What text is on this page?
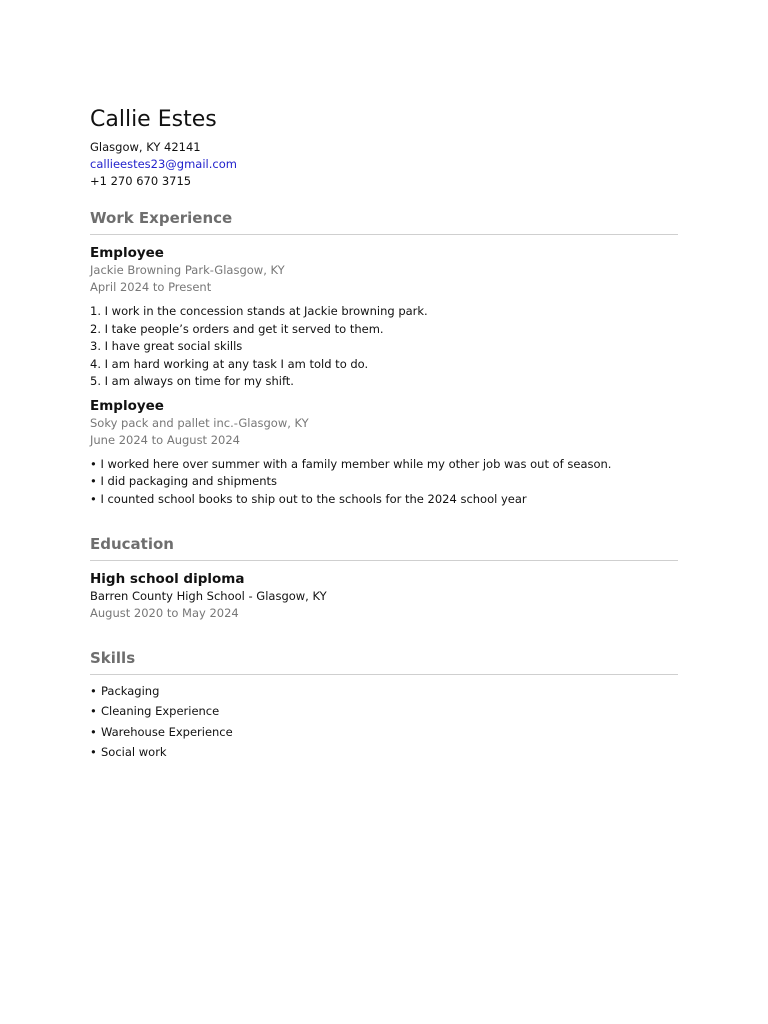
Callie Estes
Glasgow, KY 42141
callieestes23@gmail.com
+1 270 670 3715
Work Experience
Employee
Jackie Browning Park-Glasgow, KY
April 2024 to Present
1. I work in the concession stands at Jackie browning park.
2. I take people’s orders and get it served to them.
3. I have great social skills
4. I am hard working at any task I am told to do.
5. I am always on time for my shift.
Employee
Soky pack and pallet inc.-Glasgow, KY
June 2024 to August 2024
• I worked here over summer with a family member while my other job was out of season.
• I did packaging and shipments
• I counted school books to ship out to the schools for the 2024 school year
Education
High school diploma
Barren County High School - Glasgow, KY
August 2020 to May 2024
Skills
• Packaging
• Cleaning Experience
• Warehouse Experience
• Social work
